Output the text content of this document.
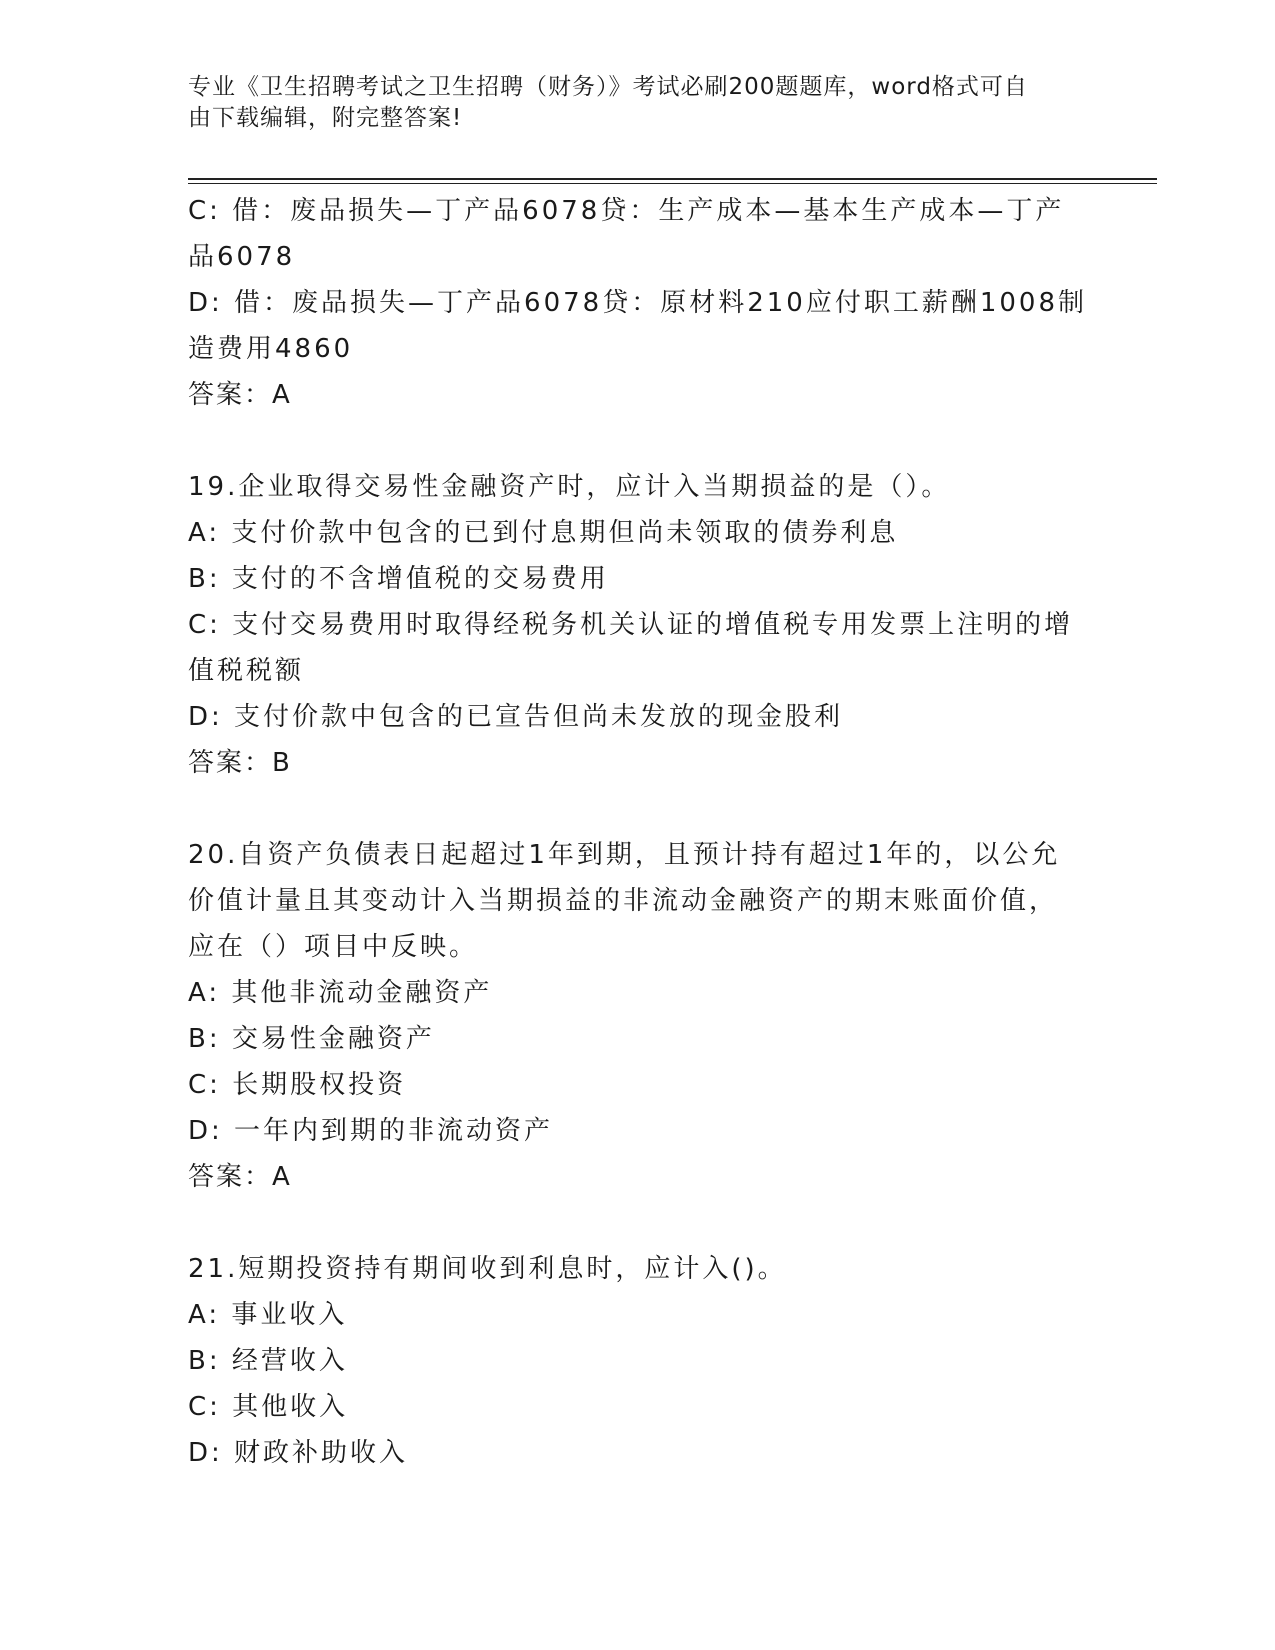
专业《卫生招聘考试之卫生招聘（财务）》考试必刷200题题库，word格式可自
由下载编辑，附完整答案!
C: 借：废品损失—丁产品6078贷：生产成本—基本生产成本—丁产
品6078
D: 借：废品损失—丁产品6078贷：原材料210应付职工薪酬1008制
造费用4860
答案：A
19.企业取得交易性金融资产时，应计入当期损益的是（）。
A: 支付价款中包含的已到付息期但尚未领取的债券利息
B: 支付的不含增值税的交易费用
C: 支付交易费用时取得经税务机关认证的增值税专用发票上注明的增
值税税额
D: 支付价款中包含的已宣告但尚未发放的现金股利
答案：B
20.自资产负债表日起超过1年到期，且预计持有超过1年的，以公允
价值计量且其变动计入当期损益的非流动金融资产的期末账面价值，
应在（）项目中反映。
A: 其他非流动金融资产
B: 交易性金融资产
C: 长期股权投资
D: 一年内到期的非流动资产
答案：A
21.短期投资持有期间收到利息时，应计入()。
A: 事业收入
B: 经营收入
C: 其他收入
D: 财政补助收入
